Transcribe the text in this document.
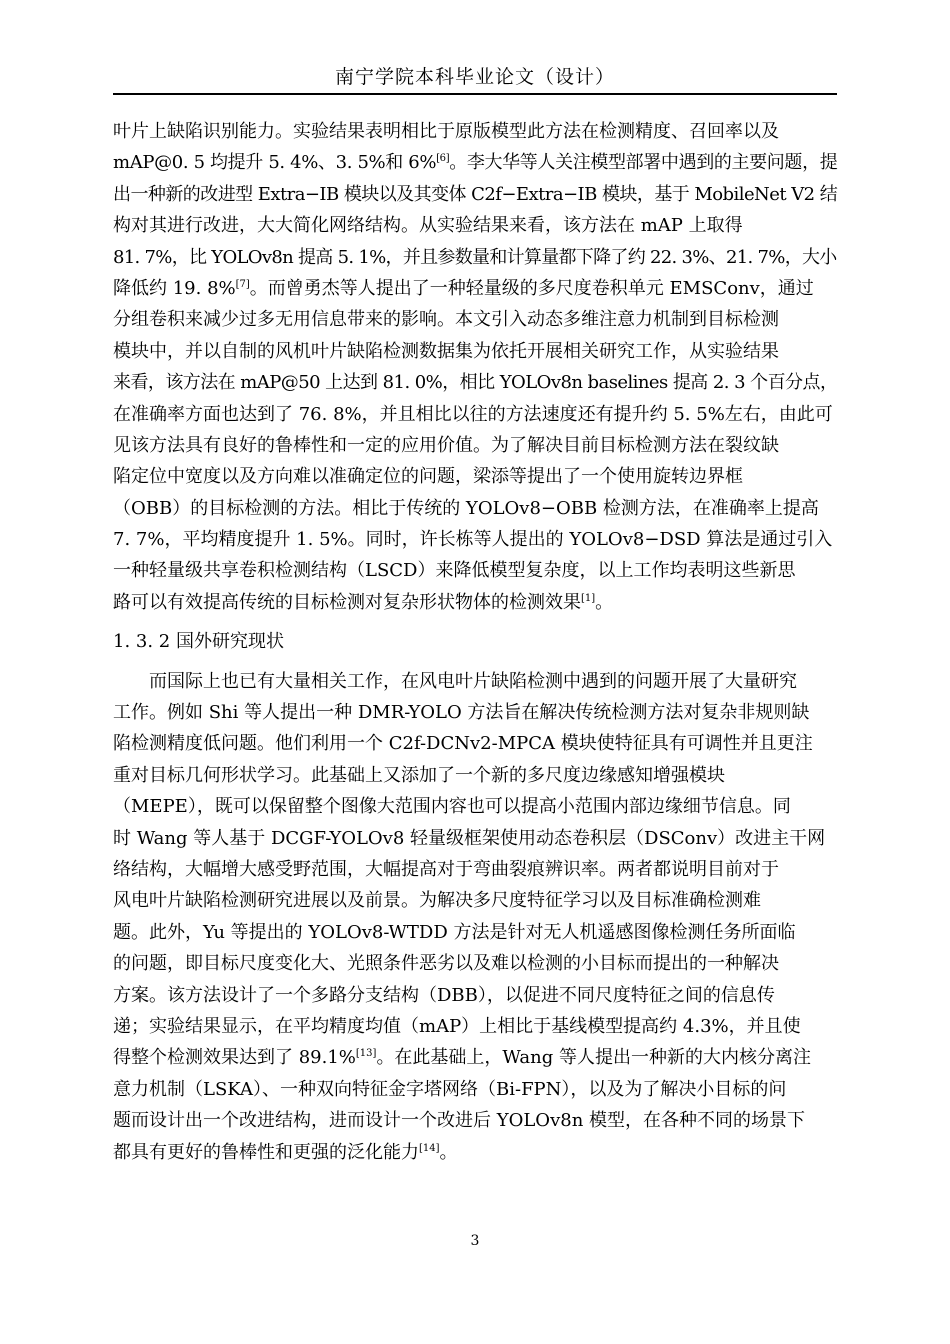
南宁学院本科毕业论文（设计）
叶片上缺陷识别能力。实验结果表明相比于原版模型此方法在检测精度、召回率以及
mAP@0. 5 均提升 5. 4%、3. 5%和 6%[6]。李大华等人关注模型部署中遇到的主要问题，提
出一种新的改进型 Extra−IB 模块以及其变体 C2f−Extra−IB 模块，基于 MobileNet V2 结
构对其进行改进，大大简化网络结构。从实验结果来看，该方法在 mAP 上取得
81. 7%，比 YOLOv8n 提高 5. 1%，并且参数量和计算量都下降了约 22. 3%、21. 7%，大小
降低约 19. 8%[7]。而曾勇杰等人提出了一种轻量级的多尺度卷积单元 EMSConv，通过
分组卷积来减少过多无用信息带来的影响。本文引入动态多维注意力机制到目标检测
模块中，并以自制的风机叶片缺陷检测数据集为依托开展相关研究工作，从实验结果
来看，该方法在 mAP@50 上达到 81. 0%，相比 YOLOv8n baselines 提高 2. 3 个百分点，
在准确率方面也达到了 76. 8%，并且相比以往的方法速度还有提升约 5. 5%左右，由此可
见该方法具有良好的鲁棒性和一定的应用价值。为了解决目前目标检测方法在裂纹缺
陷定位中宽度以及方向难以准确定位的问题，梁添等提出了一个使用旋转边界框
（OBB）的目标检测的方法。相比于传统的 YOLOv8−OBB 检测方法，在准确率上提高
7. 7%，平均精度提升 1. 5%。同时，许长栋等人提出的 YOLOv8−DSD 算法是通过引入
一种轻量级共享卷积检测结构（LSCD）来降低模型复杂度，以上工作均表明这些新思
路可以有效提高传统的目标检测对复杂形状物体的检测效果[1]。
1. 3. 2 国外研究现状
而国际上也已有大量相关工作，在风电叶片缺陷检测中遇到的问题开展了大量研究
工作。例如 Shi 等人提出一种 DMR-YOLO 方法旨在解决传统检测方法对复杂非规则缺
陷检测精度低问题。他们利用一个 C2f-DCNv2-MPCA 模块使特征具有可调性并且更注
重对目标几何形状学习。此基础上又添加了一个新的多尺度边缘感知增强模块
（MEPE），既可以保留整个图像大范围内容也可以提高小范围内部边缘细节信息。同
时 Wang 等人基于 DCGF-YOLOv8 轻量级框架使用动态卷积层（DSConv）改进主干网
络结构，大幅增大感受野范围，大幅提高对于弯曲裂痕辨识率。两者都说明目前对于
风电叶片缺陷检测研究进展以及前景。为解决多尺度特征学习以及目标准确检测难
题。此外，Yu 等提出的 YOLOv8-WTDD 方法是针对无人机遥感图像检测任务所面临
的问题，即目标尺度变化大、光照条件恶劣以及难以检测的小目标而提出的一种解决
方案。该方法设计了一个多路分支结构（DBB），以促进不同尺度特征之间的信息传
递；实验结果显示，在平均精度均值（mAP）上相比于基线模型提高约 4.3%，并且使
得整个检测效果达到了 89.1%[13]。在此基础上，Wang 等人提出一种新的大内核分离注
意力机制（LSKA）、一种双向特征金字塔网络（Bi-FPN），以及为了解决小目标的问
题而设计出一个改进结构，进而设计一个改进后 YOLOv8n 模型，在各种不同的场景下
都具有更好的鲁棒性和更强的泛化能力[14]。
3
